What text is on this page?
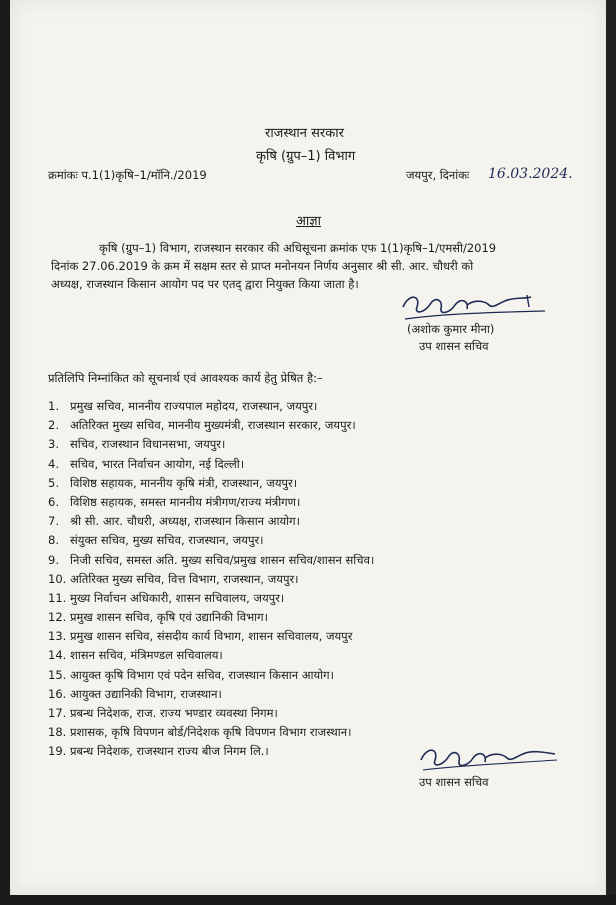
राजस्थान सरकार
कृषि (ग्रुप–1) विभाग
क्रमांकः प.1(1)कृषि–1/मॉनि./2019	जयपुर, दिनांकः 16.03.2024.
आज्ञा
कृषि (ग्रुप–1) विभाग, राजस्थान सरकार की अधिसूचना क्रमांक एफ 1(1)कृषि–1/एमसी/2019
दिनांक 27.06.2019 के क्रम में सक्षम स्तर से प्राप्त मनोनयन निर्णय अनुसार श्री सी. आर. चौधरी को
अध्यक्ष, राजस्थान किसान आयोग पद पर एतद् द्वारा नियुक्त किया जाता है।
(अशोक कुमार मीना)
उप शासन सचिव
प्रतिलिपि निम्नांकित को सूचनार्थ एवं आवश्यक कार्य हेतु प्रेषित है:–
1. प्रमुख सचिव, माननीय राज्यपाल महोदय, राजस्थान, जयपुर।
2. अतिरिक्त मुख्य सचिव, माननीय मुख्यमंत्री, राजस्थान सरकार, जयपुर।
3. सचिव, राजस्थान विधानसभा, जयपुर।
4. सचिव, भारत निर्वाचन आयोग, नई दिल्ली।
5. विशिष्ठ सहायक, माननीय कृषि मंत्री, राजस्थान, जयपुर।
6. विशिष्ठ सहायक, समस्त माननीय मंत्रीगण/राज्य मंत्रीगण।
7. श्री सी. आर. चौधरी, अध्यक्ष, राजस्थान किसान आयोग।
8. संयुक्त सचिव, मुख्य सचिव, राजस्थान, जयपुर।
9. निजी सचिव, समस्त अति. मुख्य सचिव/प्रमुख शासन सचिव/शासन सचिव।
10. अतिरिक्त मुख्य सचिव, वित्त विभाग, राजस्थान, जयपुर।
11. मुख्य निर्वाचन अधिकारी, शासन सचिवालय, जयपुर।
12. प्रमुख शासन सचिव, कृषि एवं उद्यानिकी विभाग।
13. प्रमुख शासन सचिव, संसदीय कार्य विभाग, शासन सचिवालय, जयपुर
14. शासन सचिव, मंत्रिमण्डल सचिवालय।
15. आयुक्त कृषि विभाग एवं पदेन सचिव, राजस्थान किसान आयोग।
16. आयुक्त उद्यानिकी विभाग, राजस्थान।
17. प्रबन्ध निदेशक, राज. राज्य भण्डार व्यवस्था निगम।
18. प्रशासक, कृषि विपणन बोर्ड/निदेशक कृषि विपणन विभाग राजस्थान।
19. प्रबन्ध निदेशक, राजस्थान राज्य बीज निगम लि.।
उप शासन सचिव
